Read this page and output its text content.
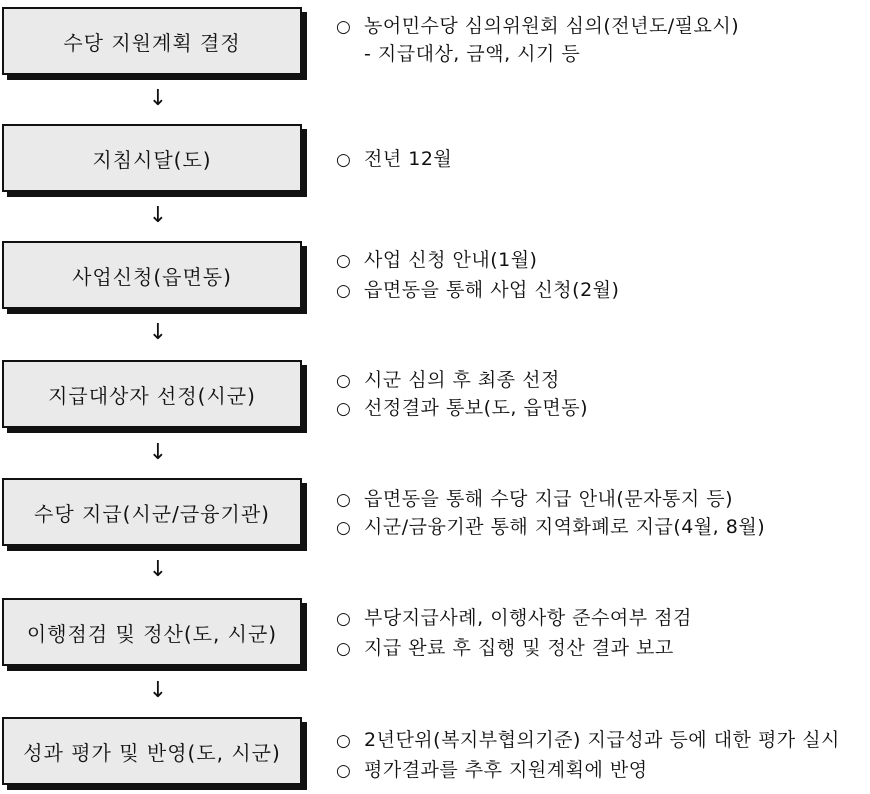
수당 지원계획 결정
○ 농어민수당 심의위원회 심의(전년도/필요시)
- 지급대상, 금액, 시기 등
↓
지침시달(도)	○ 전년 12월
↓
사업신청(읍면동)
○ 사업 신청 안내(1월)
○ 읍면동을 통해 사업 신청(2월)
↓
지급대상자 선정(시군)
○ 시군 심의 후 최종 선정
○ 선정결과 통보(도, 읍면동)
↓
수당 지급(시군/금융기관)
○ 읍면동을 통해 수당 지급 안내(문자통지 등)
○ 시군/금융기관 통해 지역화폐로 지급(4월, 8월)
↓
이행점검 및 정산(도, 시군)
○ 부당지급사례, 이행사항 준수여부 점검
○ 지급 완료 후 집행 및 정산 결과 보고
↓
성과 평가 및 반영(도, 시군)	○ 2년단위(복지부협의기준) 지급성과 등에 대한 평가 실시
○ 평가결과를 추후 지원계획에 반영
